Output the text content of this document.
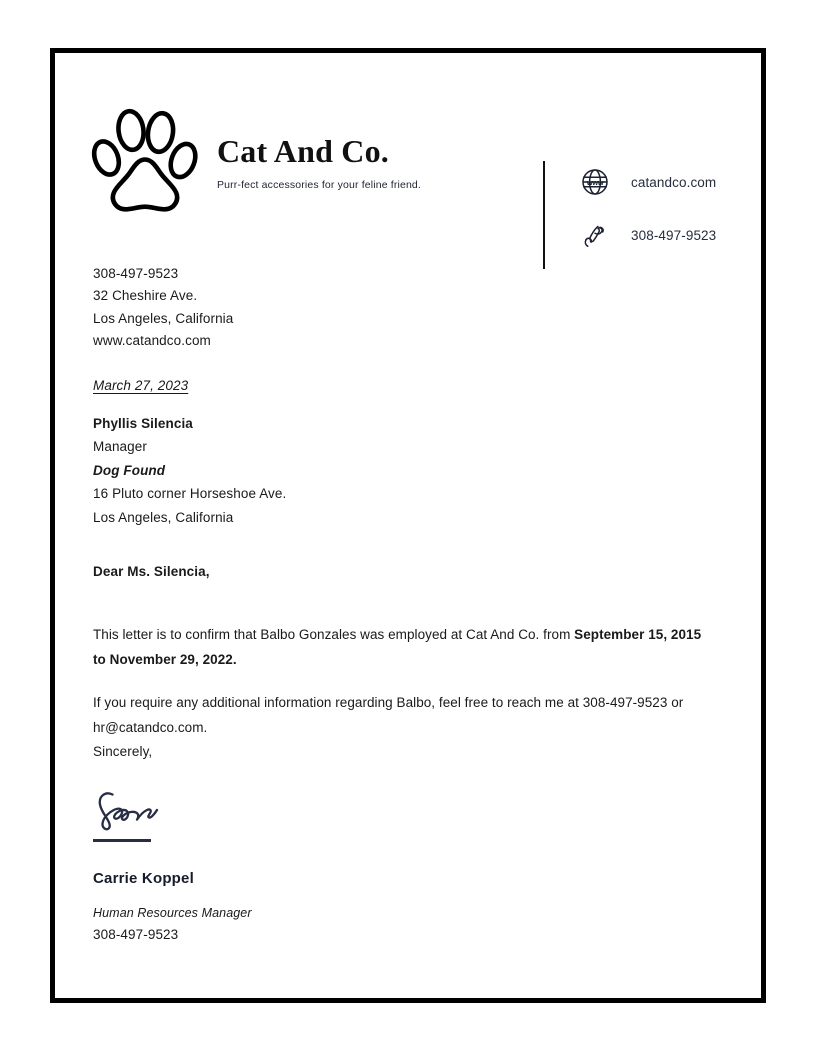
Cat And Co.
Purr-fect accessories for your feline friend.	www catandco.com
308-497-9523
308-497-9523
32 Cheshire Ave.
Los Angeles, California
www.catandco.com
March 27, 2023
Phyllis Silencia
Manager
Dog Found
16 Pluto corner Horseshoe Ave.
Los Angeles, California
Dear Ms. Silencia,

This letter is to confirm that Balbo Gonzales was employed at Cat And Co. from September 15, 2015 to November 29, 2022.

If you require any additional information regarding Balbo, feel free to reach me at 308-497-9523 or hr@catandco.com.

Sincerely,
Carrie Koppel
Human Resources Manager
308-497-9523
